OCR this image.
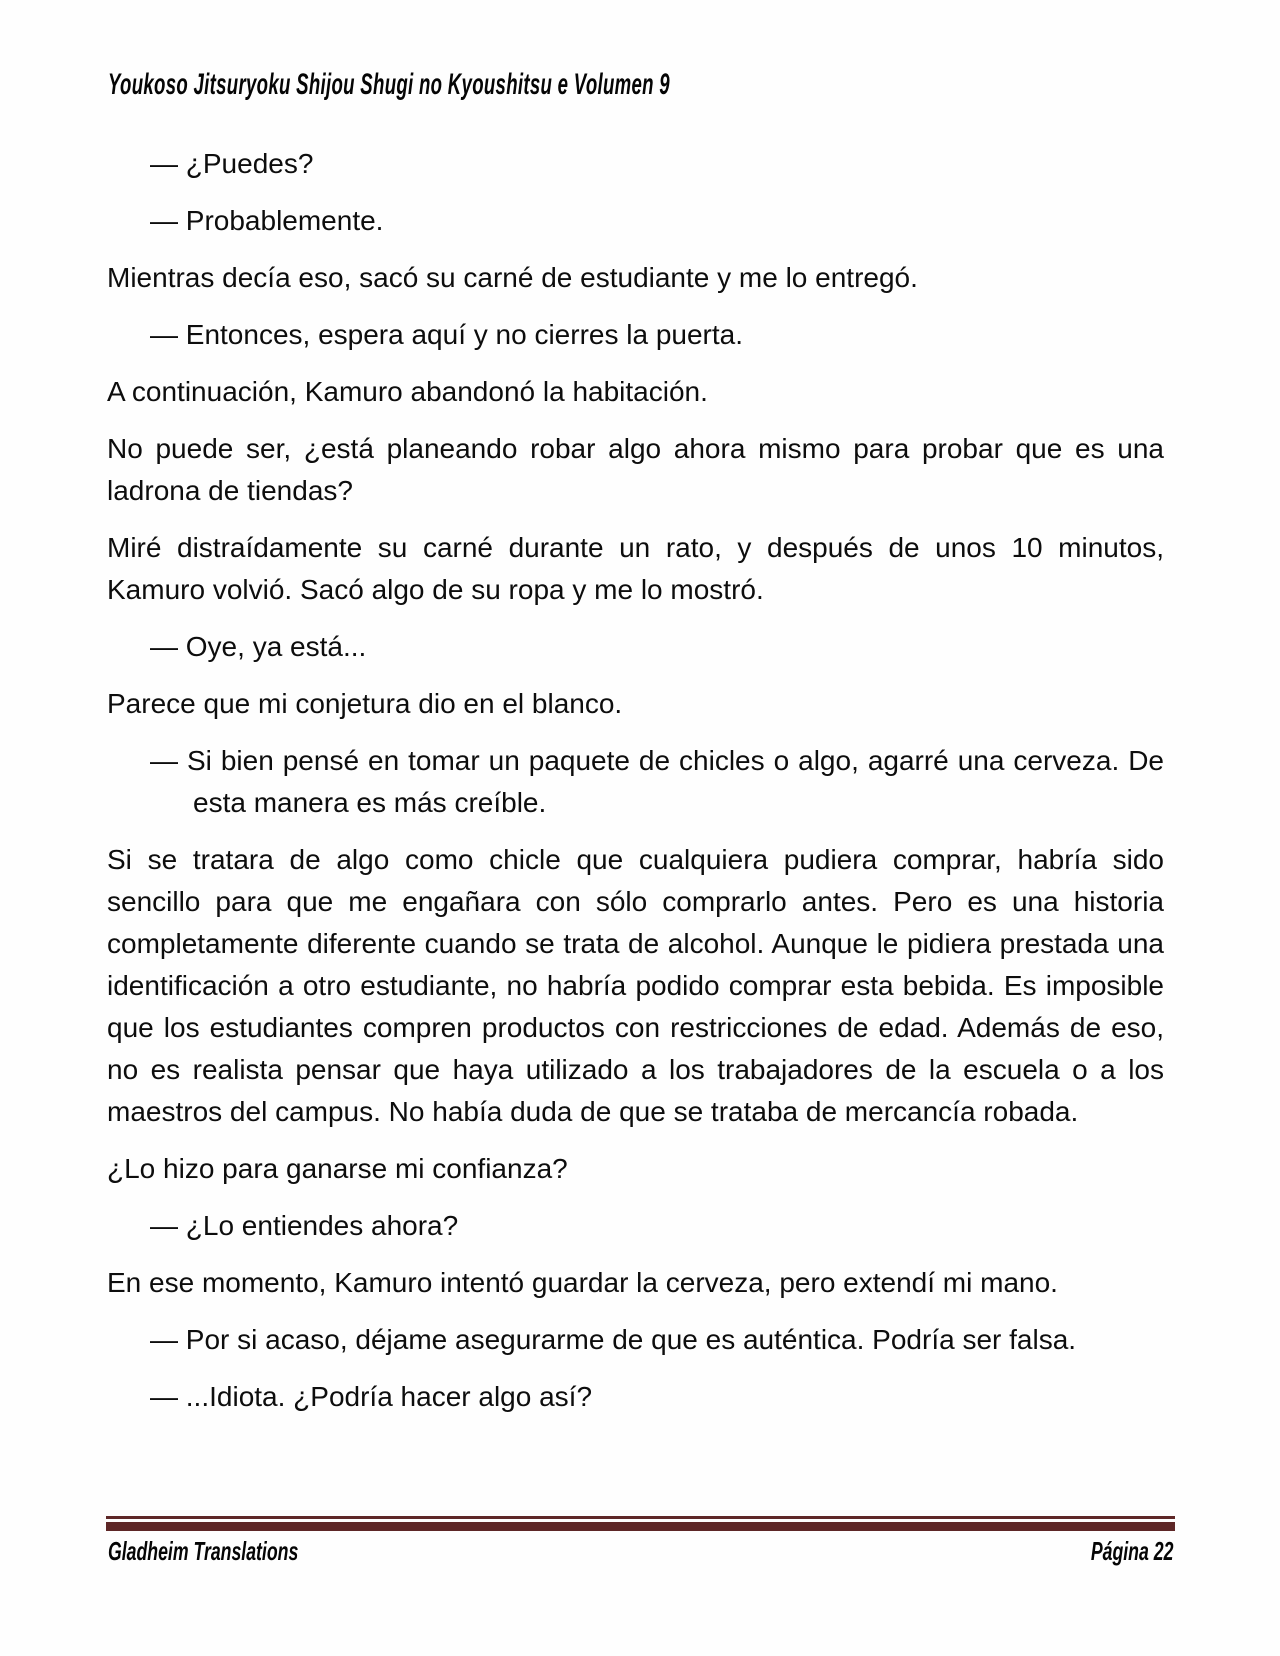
Youkoso Jitsuryoku Shijou Shugi no Kyoushitsu e Volumen 9

— ¿Puedes?

— Probablemente.

Mientras decía eso, sacó su carné de estudiante y me lo entregó.

— Entonces, espera aquí y no cierres la puerta.

A continuación, Kamuro abandonó la habitación.

No puede ser, ¿está planeando robar algo ahora mismo para probar que es una ladrona de tiendas?

Miré distraídamente su carné durante un rato, y después de unos 10 minutos, Kamuro volvió. Sacó algo de su ropa y me lo mostró.

— Oye, ya está...

Parece que mi conjetura dio en el blanco.

— Si bien pensé en tomar un paquete de chicles o algo, agarré una cerveza. De esta manera es más creíble.

Si se tratara de algo como chicle que cualquiera pudiera comprar, habría sido sencillo para que me engañara con sólo comprarlo antes. Pero es una historia completamente diferente cuando se trata de alcohol. Aunque le pidiera prestada una identificación a otro estudiante, no habría podido comprar esta bebida. Es imposible que los estudiantes compren productos con restricciones de edad. Además de eso, no es realista pensar que haya utilizado a los trabajadores de la escuela o a los maestros del campus. No había duda de que se trataba de mercancía robada.

¿Lo hizo para ganarse mi confianza?

— ¿Lo entiendes ahora?

En ese momento, Kamuro intentó guardar la cerveza, pero extendí mi mano.

— Por si acaso, déjame asegurarme de que es auténtica. Podría ser falsa.

— ...Idiota. ¿Podría hacer algo así?

Gladheim Translations	Página 22
